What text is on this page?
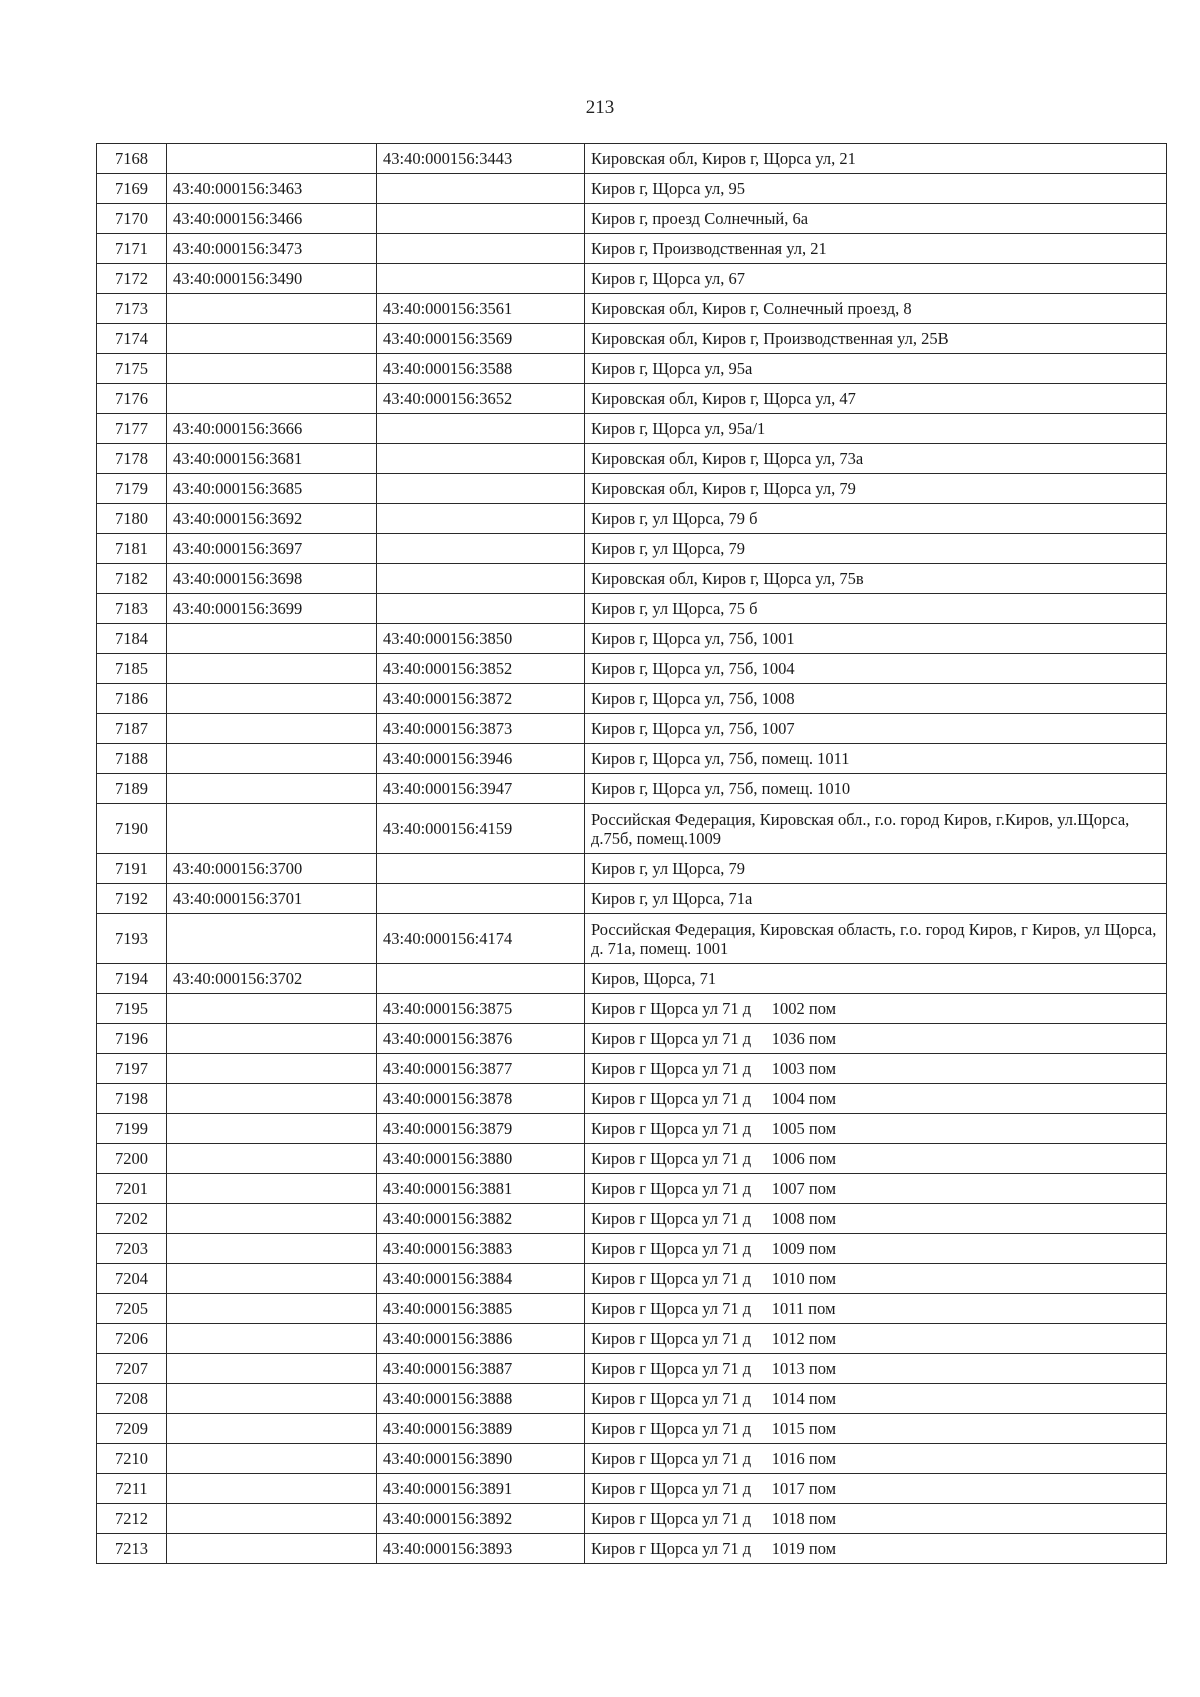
213
7168		43:40:000156:3443	Кировская обл, Киров г, Щорса ул, 21
7169	43:40:000156:3463		Киров г, Щорса ул, 95
7170	43:40:000156:3466		Киров г, проезд Солнечный, 6а
7171	43:40:000156:3473		Киров г, Производственная ул, 21
7172	43:40:000156:3490		Киров г, Щорса ул, 67
7173		43:40:000156:3561	Кировская обл, Киров г, Солнечный проезд, 8
7174		43:40:000156:3569	Кировская обл, Киров г, Производственная ул, 25В
7175		43:40:000156:3588	Киров г, Щорса ул, 95а
7176		43:40:000156:3652	Кировская обл, Киров г, Щорса ул, 47
7177	43:40:000156:3666		Киров г, Щорса ул, 95а/1
7178	43:40:000156:3681		Кировская обл, Киров г, Щорса ул, 73а
7179	43:40:000156:3685		Кировская обл, Киров г, Щорса ул, 79
7180	43:40:000156:3692		Киров г, ул Щорса, 79 б
7181	43:40:000156:3697		Киров г, ул Щорса, 79
7182	43:40:000156:3698		Кировская обл, Киров г, Щорса ул, 75в
7183	43:40:000156:3699		Киров г, ул Щорса, 75 б
7184		43:40:000156:3850	Киров г, Щорса ул, 75б, 1001
7185		43:40:000156:3852	Киров г, Щорса ул, 75б, 1004
7186		43:40:000156:3872	Киров г, Щорса ул, 75б, 1008
7187		43:40:000156:3873	Киров г, Щорса ул, 75б, 1007
7188		43:40:000156:3946	Киров г, Щорса ул, 75б, помещ. 1011
7189		43:40:000156:3947	Киров г, Щорса ул, 75б, помещ. 1010
7190		43:40:000156:4159	Российская Федерация, Кировская обл., г.о. город Киров, г.Киров, ул.Щорса, д.75б, помещ.1009
7191	43:40:000156:3700		Киров г, ул Щорса, 79
7192	43:40:000156:3701		Киров г, ул Щорса, 71а
7193		43:40:000156:4174	Российская Федерация, Кировская область, г.о. город Киров, г Киров, ул Щорса, д. 71а, помещ. 1001
7194	43:40:000156:3702		Киров, Щорса, 71
7195		43:40:000156:3875	Киров г Щорса ул 71 д     1002 пом
7196		43:40:000156:3876	Киров г Щорса ул 71 д     1036 пом
7197		43:40:000156:3877	Киров г Щорса ул 71 д     1003 пом
7198		43:40:000156:3878	Киров г Щорса ул 71 д     1004 пом
7199		43:40:000156:3879	Киров г Щорса ул 71 д     1005 пом
7200		43:40:000156:3880	Киров г Щорса ул 71 д     1006 пом
7201		43:40:000156:3881	Киров г Щорса ул 71 д     1007 пом
7202		43:40:000156:3882	Киров г Щорса ул 71 д     1008 пом
7203		43:40:000156:3883	Киров г Щорса ул 71 д     1009 пом
7204		43:40:000156:3884	Киров г Щорса ул 71 д     1010 пом
7205		43:40:000156:3885	Киров г Щорса ул 71 д     1011 пом
7206		43:40:000156:3886	Киров г Щорса ул 71 д     1012 пом
7207		43:40:000156:3887	Киров г Щорса ул 71 д     1013 пом
7208		43:40:000156:3888	Киров г Щорса ул 71 д     1014 пом
7209		43:40:000156:3889	Киров г Щорса ул 71 д     1015 пом
7210		43:40:000156:3890	Киров г Щорса ул 71 д     1016 пом
7211		43:40:000156:3891	Киров г Щорса ул 71 д     1017 пом
7212		43:40:000156:3892	Киров г Щорса ул 71 д     1018 пом
7213		43:40:000156:3893	Киров г Щорса ул 71 д     1019 пом
